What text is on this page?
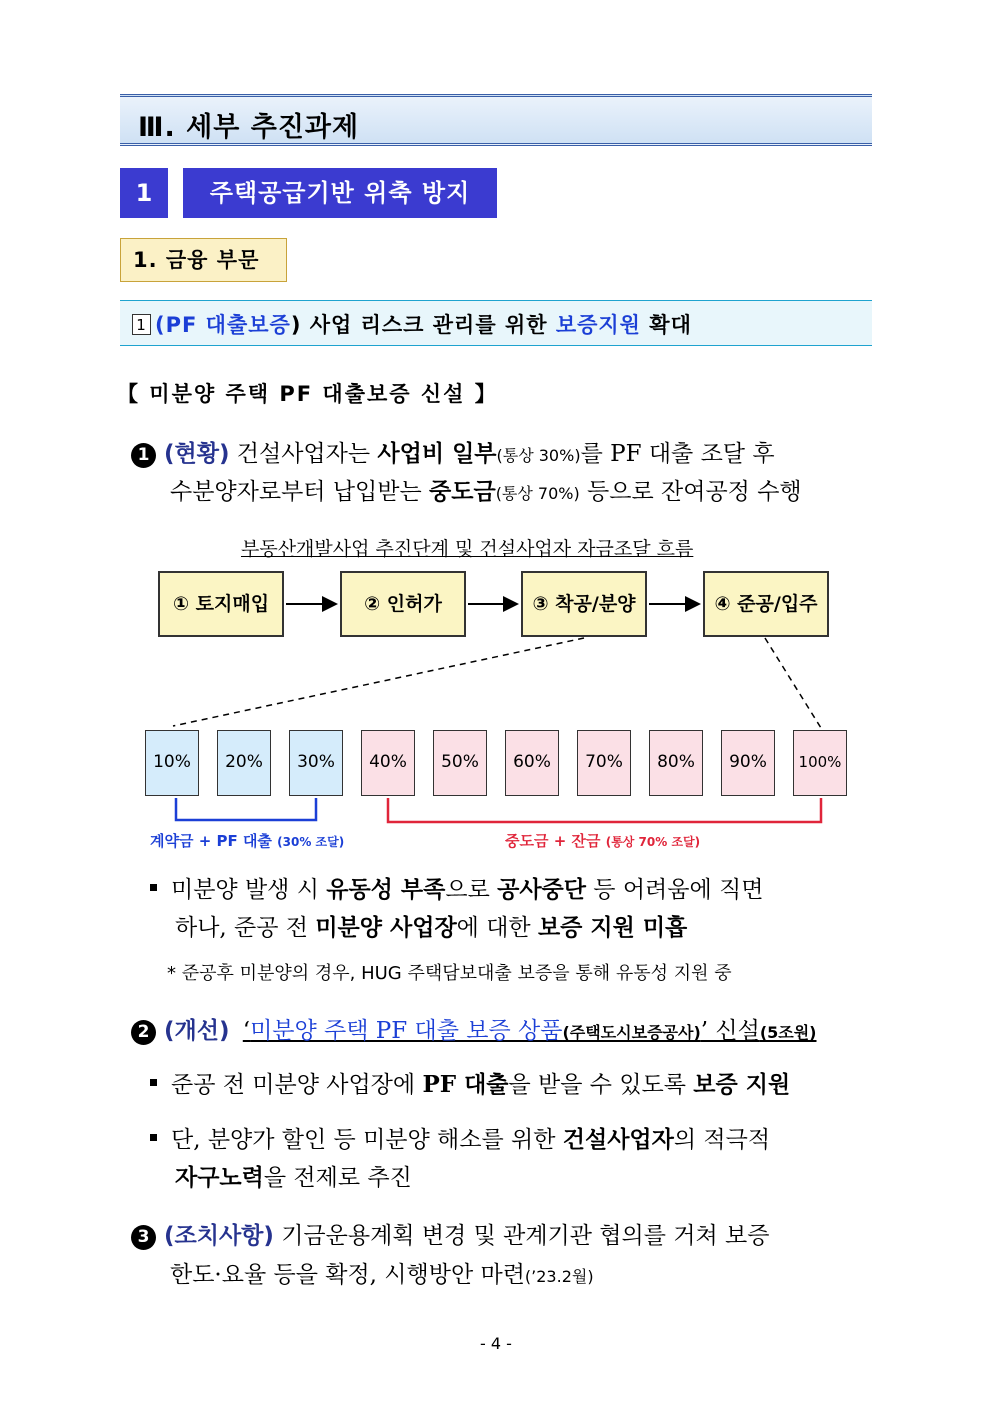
Ⅲ. 세부 추진과제
1	주택공급기반 위축 방지
1. 금융 부문
1 (PF 대출보증) 사업 리스크 관리를 위한 보증지원 확대
【 미분양 주택 PF 대출보증 신설 】
1 (현황) 건설사업자는 사업비 일부(통상 30%)를 PF 대출 조달 후
수분양자로부터 납입받는 중도금(통상 70%) 등으로 잔여공정 수행
부동산개발사업 추진단계 및 건설사업자 자금조달 흐름
① 토지매입	② 인허가	③ 착공/분양	④ 준공/입주
10%	20%	30%	40%	50%	60%	70%	80%	90%	100%
계약금 + PF 대출 (30% 조달)	중도금 + 잔금 (통상 70% 조달)
미분양 발생 시 유동성 부족으로 공사중단 등 어려움에 직면
하나, 준공 전 미분양 사업장에 대한 보증 지원 미흡
* 준공후 미분양의 경우, HUG 주택담보대출 보증을 통해 유동성 지원 중
2 (개선) ‘미분양 주택 PF 대출 보증 상품(주택도시보증공사)’ 신설(5조원)
준공 전 미분양 사업장에 PF 대출을 받을 수 있도록 보증 지원
단, 분양가 할인 등 미분양 해소를 위한 건설사업자의 적극적
자구노력을 전제로 추진
3 (조치사항) 기금운용계획 변경 및 관계기관 협의를 거쳐 보증
한도·요율 등을 확정, 시행방안 마련(’23.2월)
- 4 -
